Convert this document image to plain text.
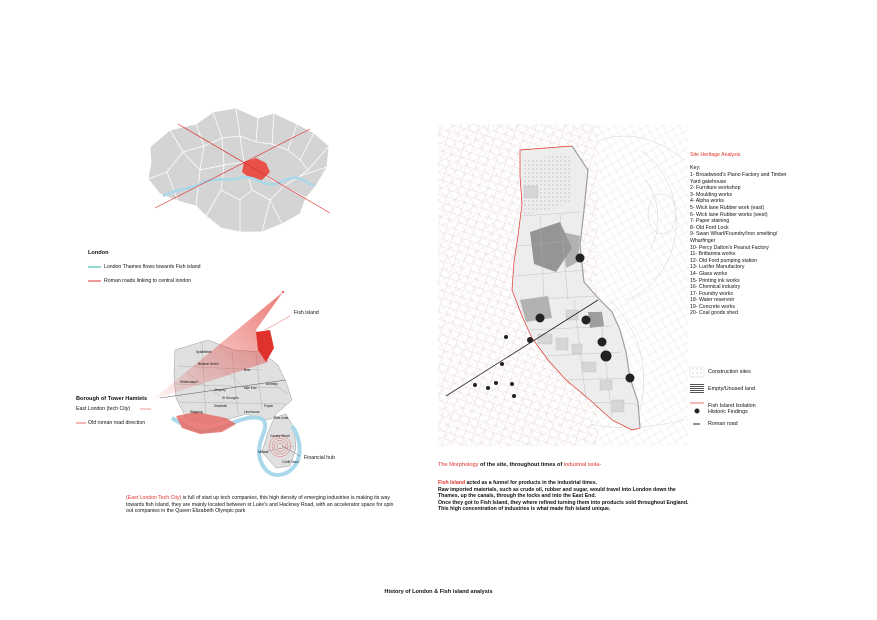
London
London Thames flows towards Fish island
Roman roads linking to central london
Fish island
Borough of Tower Hamlets
East London (tech City)
Old roman road direction
Financial hub
Bethnal Green
Bow
Mile End
Stepney
Poplar
Shadwell
Limehouse
Wapping
Whitechapel
Canary Wharf
Bromley
St George's
Cubitt Town
Millwall
Spitalfields
East India
(East London Tech City) is full of start up tech companies, this high density of emerging industries is making its way towards fish island, they are mainly located between st Luke's and Hackney Road, with an accelerator space for spin out companies in the Queen Elizabeth Olympic park
Site Heritage Analysis
Key:
1- Broadwood's Piano Factory and Timber
Yard gatehouse
2- Furniture workshop
3- Moulding works
4- Alpha works
5- Wick lane Rubber work (east)
6- Wick lane Rubber works (west)
7- Paper staining
8- Old Ford Lock
9- Swan Wharf/Foundry/Iron smelting/
Wharfinger
10- Percy Dalton's Peanut Factory
11- Brittannia works
12- Old Ford pumping station
13- Lucifer Manufactory
14- Glass works
15- Printing ink works
16- Chemical industry
17- Foundry works
18- Water reservoir
19- Concrete works
20- Coal goods shed
Construction sites
Empty/Unused land
Fish Island Isolation
Historic Findings
Roman road
The Morphology of the site, throughout times of industrial isola-
Fish Island acted as a funnel for products in the industrial times.
Raw imported materials, such as crude oil, rubber and sugar, would travel into London down the
Thames, up the canals, through the locks and into the East End.
Once they got to Fish Island, they where refined turning them into products sold throughout England.
This high concentration of industries is what made fish island unique.
History of London & Fish island analysis
